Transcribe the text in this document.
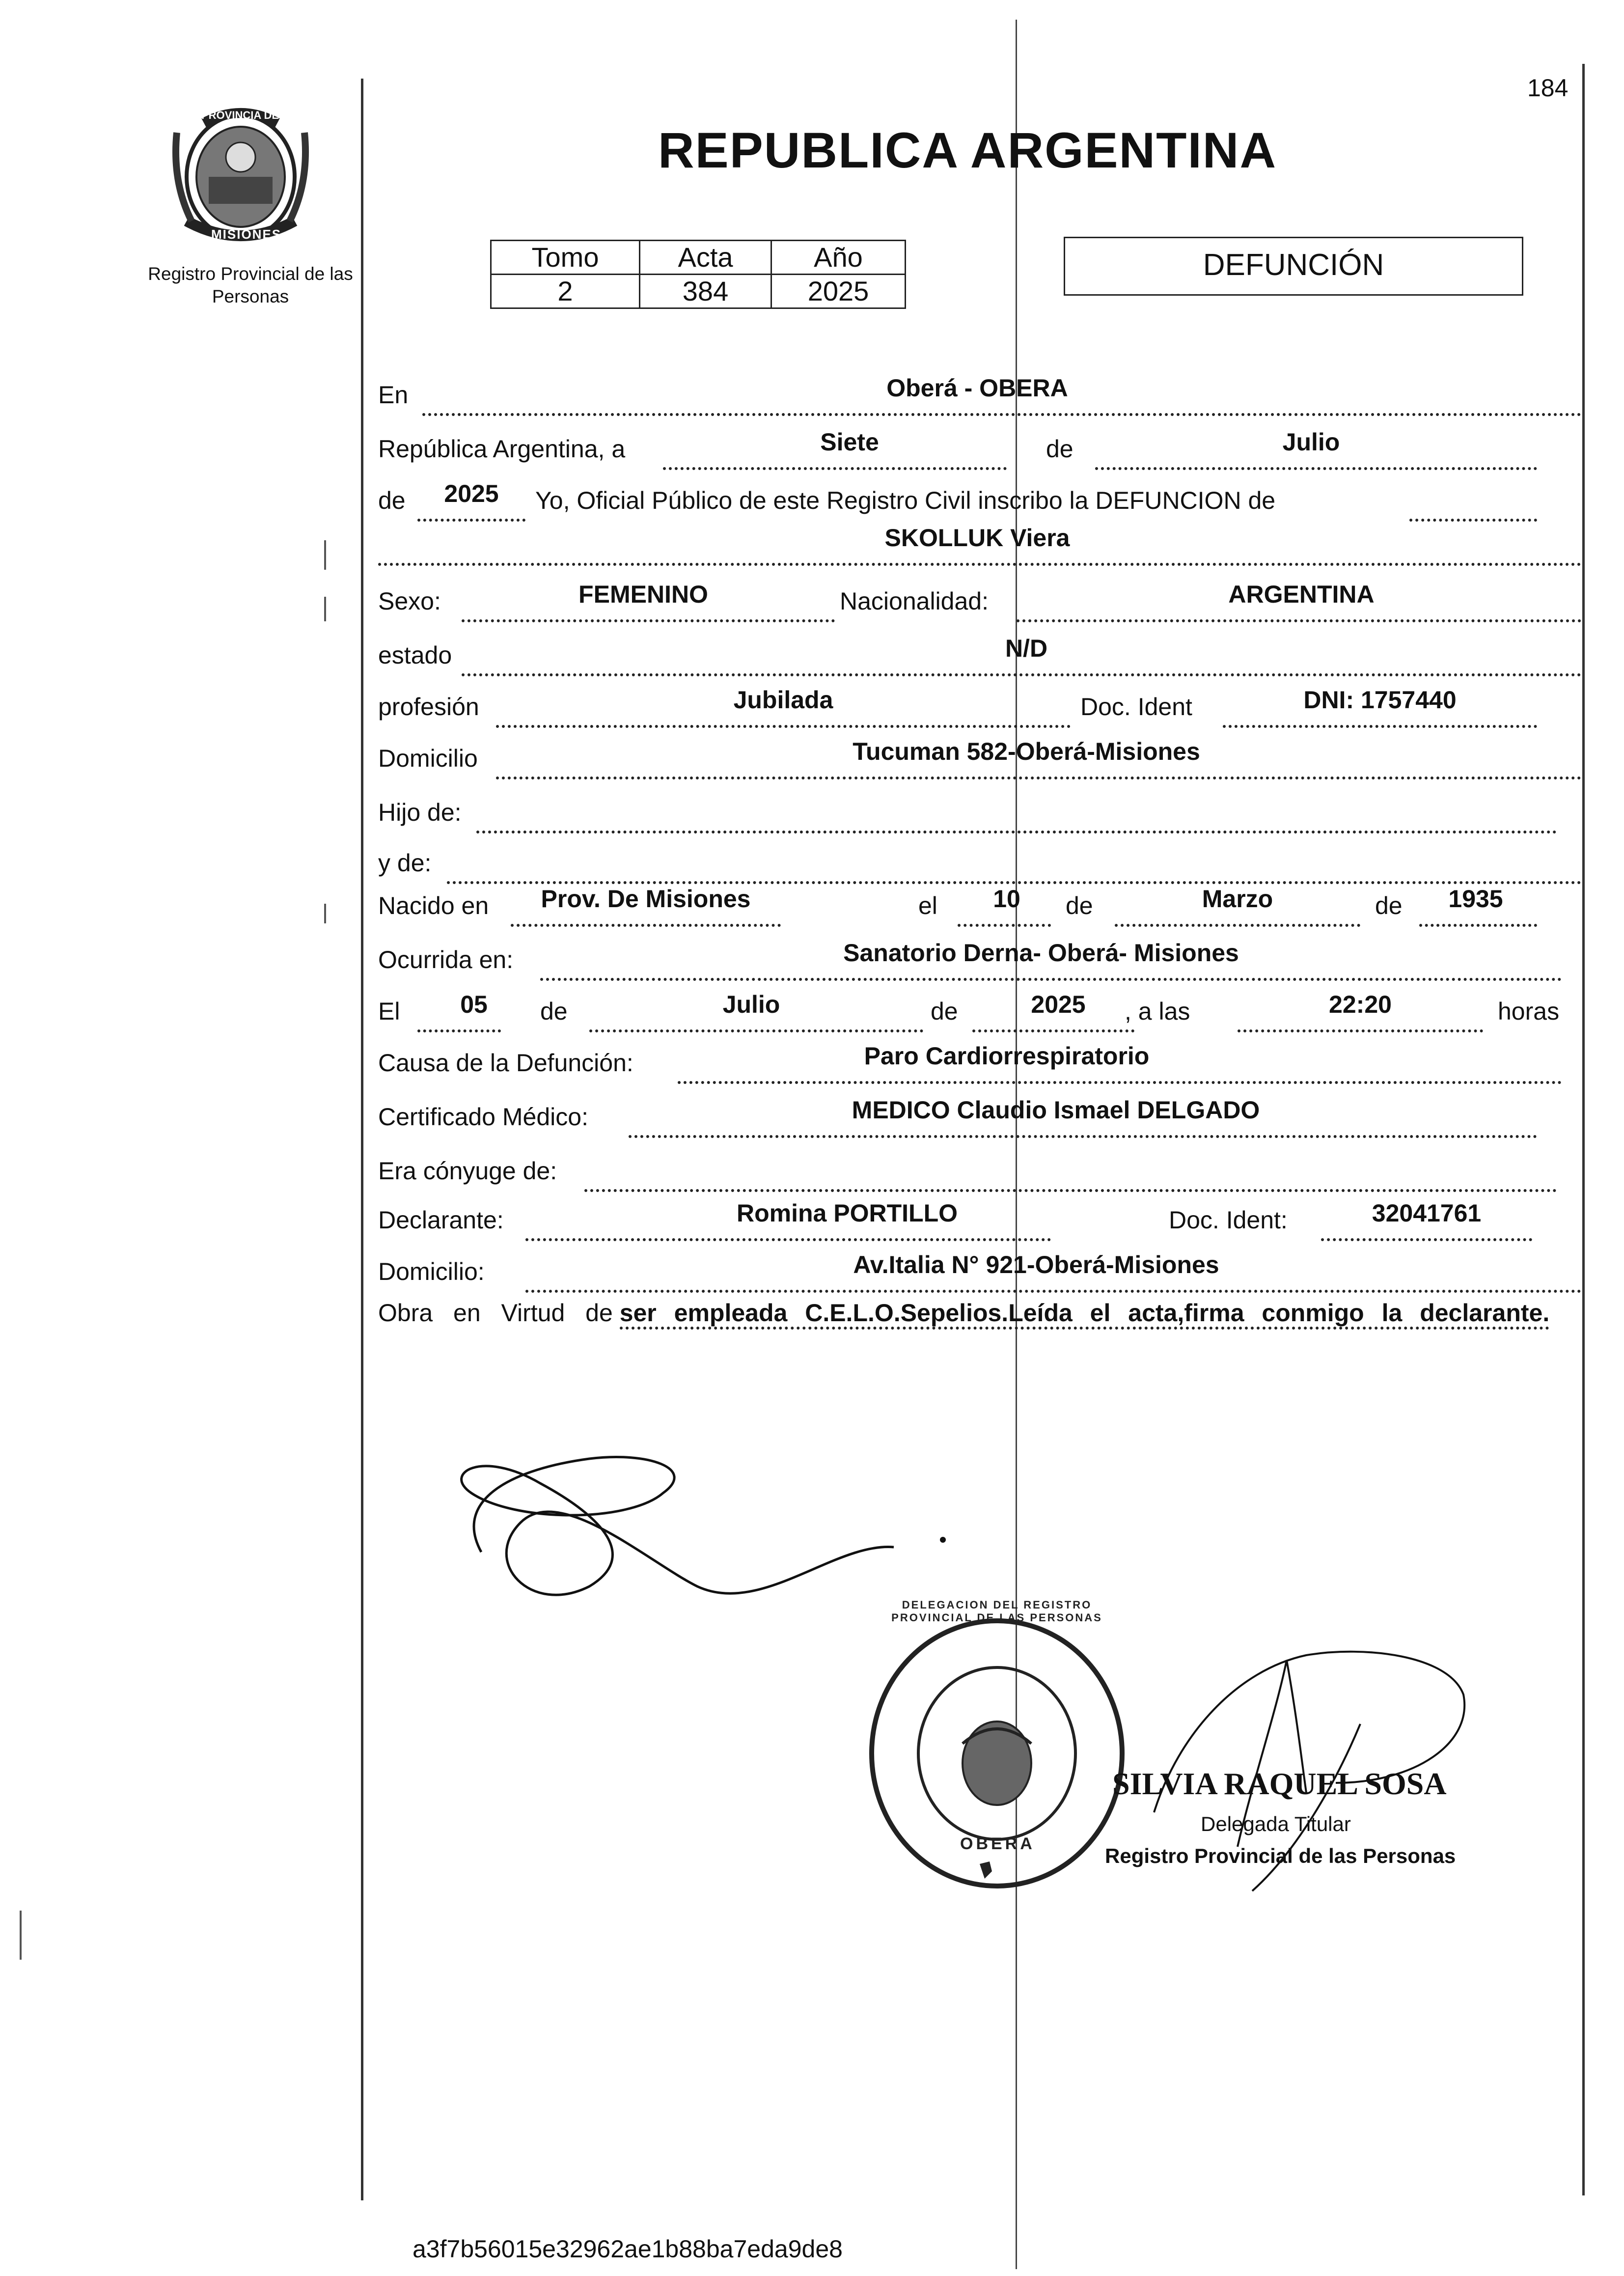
184
PROVINCIA DE
MISIONES
Registro Provincial de las Personas
REPUBLICA ARGENTINA
Tomo	Acta	Año
2	384	2025
DEFUNCIÓN
En	Oberá - OBERA
República Argentina, a	Siete	de	Julio
de 2025 Yo, Oficial Público de este Registro Civil inscribo la DEFUNCION de
SKOLLUK Viera
Sexo:	FEMENINO	Nacionalidad:	ARGENTINA
estado	N/D
profesión	Jubilada	Doc. Ident	DNI: 1757440
Domicilio	Tucuman 582-Oberá-Misiones
Hijo de:
y de:
Nacido en Prov. De Misiones	el 10 de	Marzo	de 1935
Ocurrida en:	Sanatorio Derna- Oberá- Misiones
El 05 de	Julio	de	2025 , a las	22:20	horas
Causa de la Defunción:	Paro Cardiorrespiratorio
Certificado Médico:	MEDICO Claudio Ismael DELGADO
Era cónyuge de:
Declarante:	Romina PORTILLO	Doc. Ident:	32041761
Domicilio:	Av.Italia N° 921-Oberá-Misiones
Obra en Virtud de ser empleada C.E.L.O.Sepelios.Leída el acta,firma conmigo la declarante.
DELEGACION DEL REGISTRO PROVINCIAL DE LAS PERSONAS
OBERA
SILVIA RAQUEL SOSA
Delegada Titular
Registro Provincial de las Personas
a3f7b56015e32962ae1b88ba7eda9de8
